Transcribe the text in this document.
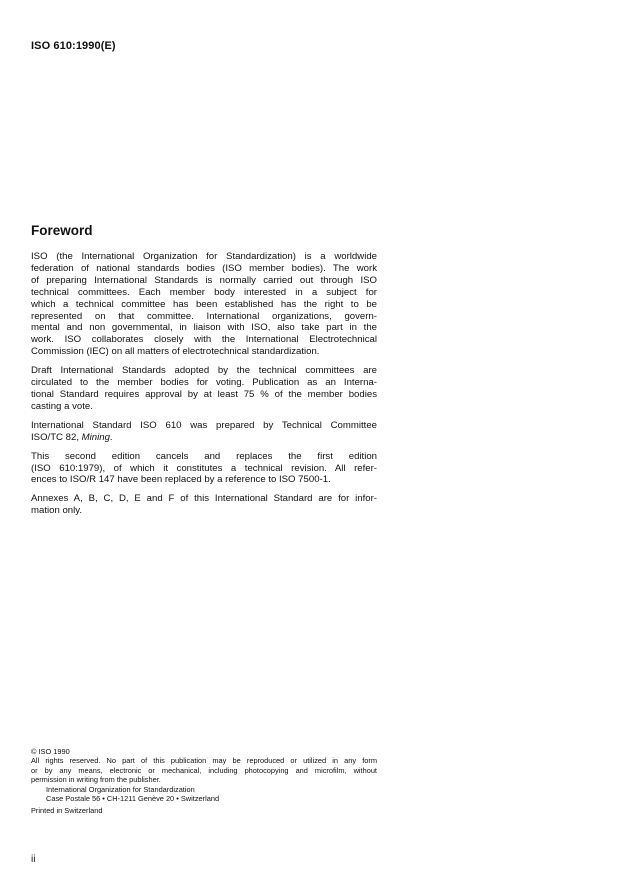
ISO 610:1990(E)
Foreword

ISO (the International Organization for Standardization) is a worldwide
federation of national standards bodies (ISO member bodies). The work
of preparing International Standards is normally carried out through ISO
technical committees. Each member body interested in a subject for
which a technical committee has been established has the right to be
represented on that committee. International organizations, govern-
mental and non governmental, in liaison with ISO, also take part in the
work. ISO collaborates closely with the International Electrotechnical
Commission (IEC) on all matters of electrotechnical standardization.

Draft International Standards adopted by the technical committees are
circulated to the member bodies for voting. Publication as an Interna-
tional Standard requires approval by at least 75 % of the member bodies
casting a vote.

International Standard ISO 610 was prepared by Technical Committee
ISO/TC 82, Mining.

This second edition cancels and replaces the first edition
(ISO 610:1979), of which it constitutes a technical revision. All refer-
ences to ISO/R 147 have been replaced by a reference to ISO 7500-1.

Annexes A, B, C, D, E and F of this International Standard are for infor-
mation only.

© ISO 1990
All rights reserved. No part of this publication may be reproduced or utilized in any form
or by any means, electronic or mechanical, including photocopying and microfilm, without
permission in writing from the publisher.
International Organization for Standardization
Case Postale 56 • CH-1211 Genève 20 • Switzerland
Printed in Switzerland
ii
